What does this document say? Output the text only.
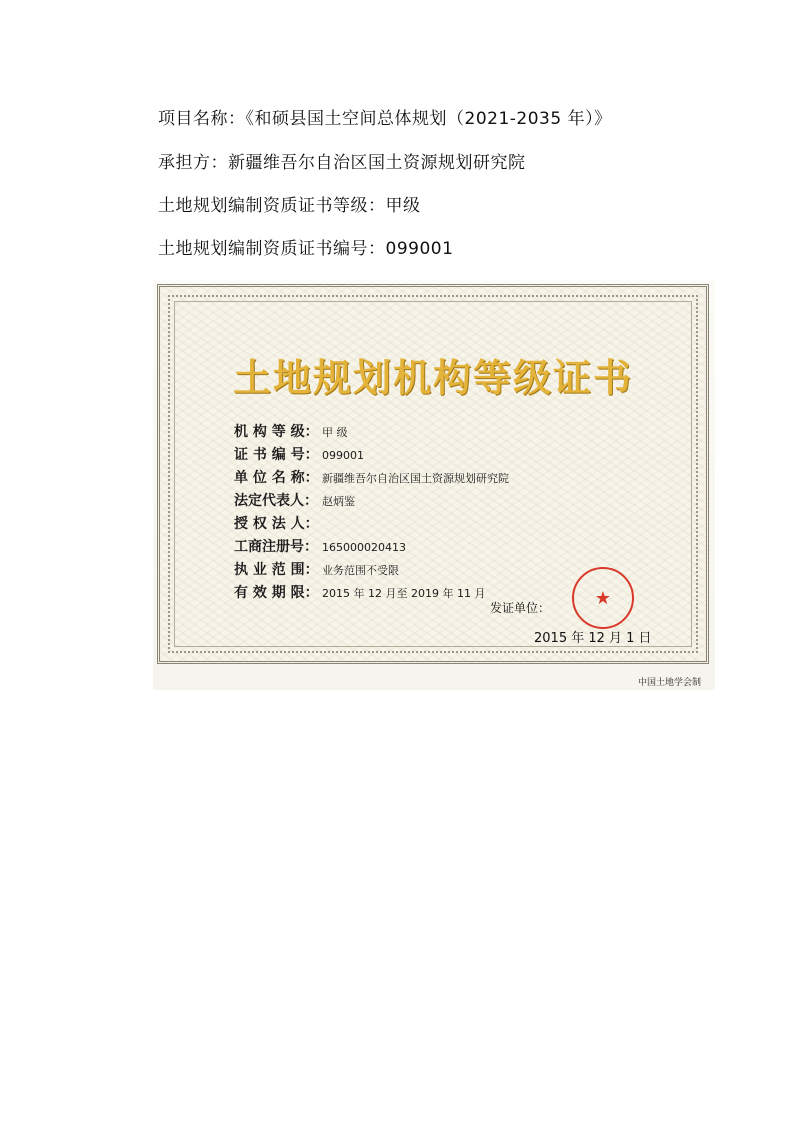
项目名称：《和硕县国土空间总体规划（2021-2035 年）》
承担方：新疆维吾尔自治区国土资源规划研究院
土地规划编制资质证书等级：甲级
土地规划编制资质证书编号：099001
土地规划机构等级证书
机 构 等 级： 甲 级
证 书 编 号： 099001
单 位 名 称： 新疆维吾尔自治区国土资源规划研究院
法定代表人： 赵炳鉴
授 权 法 人：
工商注册号： 165000020413
执 业 范 围： 业务范围不受限
有 效 期 限： 2015 年 12 月至 2019 年 11 月	★
发证单位：
2015 年 12 月 1 日
中国土地学会制
